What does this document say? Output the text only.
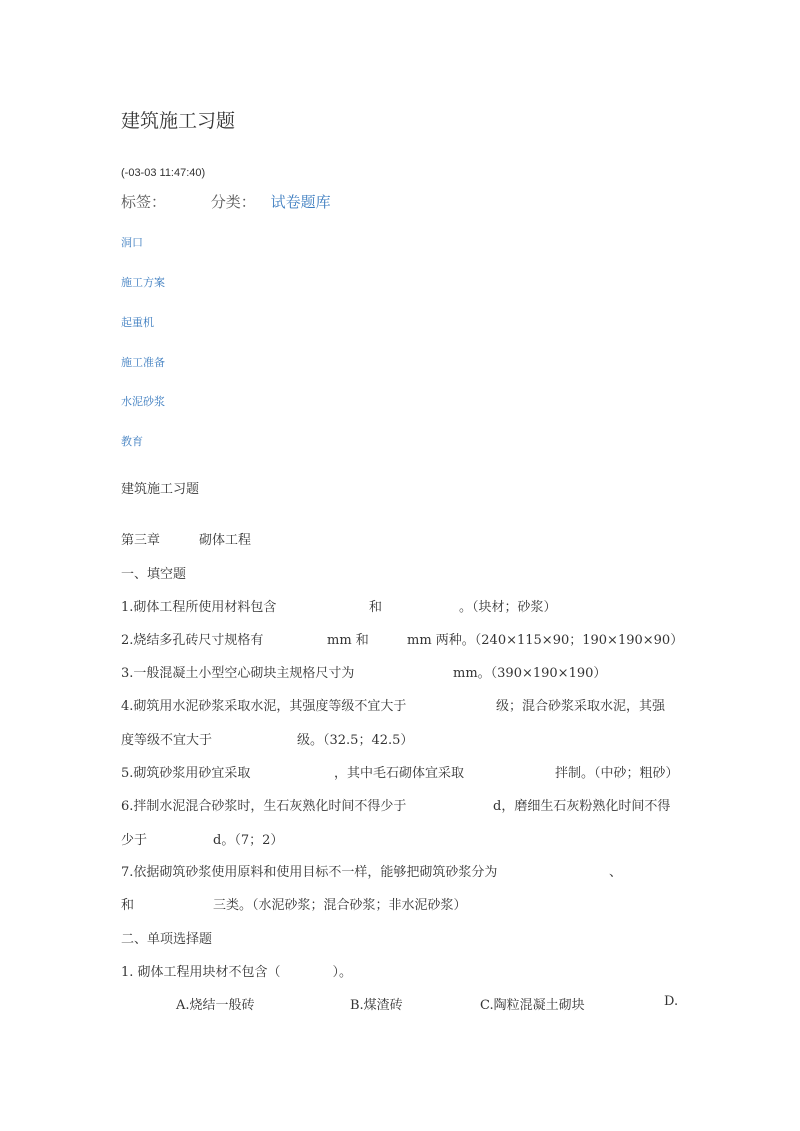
建筑施工习题
(-03-03 11:47:40)
标签：	分类： 试卷题库
洞口
施工方案
起重机
施工准备
水泥砂浆
教育
建筑施工习题
第三章	砌体工程
一、填空题
1.砌体工程所使用材料包含	和	。（块材；砂浆）
2.烧结多孔砖尺寸规格有	mm 和	mm 两种。（240×115×90；190×190×90）
3.一般混凝土小型空心砌块主规格尺寸为	mm。（390×190×190）
4.砌筑用水泥砂浆采取水泥，其强度等级不宜大于	级；混合砂浆采取水泥，其强
度等级不宜大于	级。（32.5；42.5）
5.砌筑砂浆用砂宜采取	，其中毛石砌体宜采取	拌制。（中砂；粗砂）
6.拌制水泥混合砂浆时，生石灰熟化时间不得少于	d，磨细生石灰粉熟化时间不得
少于	d。（7；2）
7.依据砌筑砂浆使用原料和使用目标不一样，能够把砌筑砂浆分为	、
和	三类。（水泥砂浆；混合砂浆；非水泥砂浆）
二、单项选择题
1. 砌体工程用块材不包含（　　　　）。
A.烧结一般砖	B.煤渣砖	C.陶粒混凝土砌块	D.
